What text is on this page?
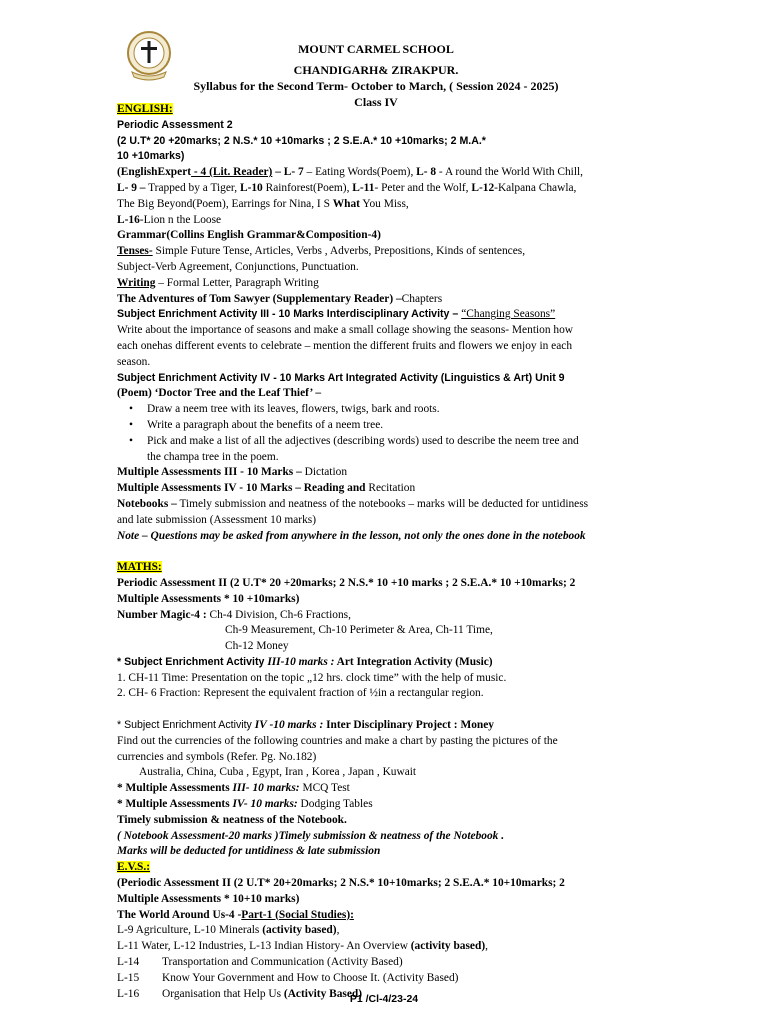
MOUNT CARMEL SCHOOL
CHANDIGARH& ZIRAKPUR.
Syllabus for the Second Term- October to March, ( Session 2024 - 2025)
Class IV
ENGLISH:
Periodic Assessment 2
(2 U.T* 20 +20marks; 2 N.S.* 10 +10marks ; 2 S.E.A.* 10 +10marks; 2 M.A.*
10 +10marks)
(EnglishExpert - 4 (Lit. Reader) – L- 7 – Eating Words(Poem), L- 8 - A round the World With Chill,
L- 9 – Trapped by a Tiger, L-10 Rainforest(Poem), L-11- Peter and the Wolf, L-12-Kalpana Chawla,
The Big Beyond(Poem), Earrings for Nina, I S What You Miss,
L-16-Lion n the Loose
Grammar(Collins English Grammar&Composition-4)
Tenses- Simple Future Tense, Articles, Verbs , Adverbs, Prepositions, Kinds of sentences,
Subject-Verb Agreement, Conjunctions, Punctuation.
Writing – Formal Letter, Paragraph Writing
The Adventures of Tom Sawyer (Supplementary Reader) –Chapters
Subject Enrichment Activity III - 10 Marks Interdisciplinary Activity – “Changing Seasons”
Write about the importance of seasons and make a small collage showing the seasons- Mention how
each onehas different events to celebrate – mention the different fruits and flowers we enjoy in each
season.
Subject Enrichment Activity IV - 10 Marks Art Integrated Activity (Linguistics & Art) Unit 9
(Poem) ‘Doctor Tree and the Leaf Thief’ –
• Draw a neem tree with its leaves, flowers, twigs, bark and roots.
• Write a paragraph about the benefits of a neem tree.
• Pick and make a list of all the adjectives (describing words) used to describe the neem tree and
the champa tree in the poem.
Multiple Assessments III - 10 Marks – Dictation
Multiple Assessments IV - 10 Marks – Reading and Recitation
Notebooks – Timely submission and neatness of the notebooks – marks will be deducted for untidiness
and late submission (Assessment 10 marks)
Note – Questions may be asked from anywhere in the lesson, not only the ones done in the notebook
MATHS:
Periodic Assessment II (2 U.T* 20 +20marks; 2 N.S.* 10 +10 marks ; 2 S.E.A.* 10 +10marks; 2
Multiple Assessments * 10 +10marks)
Number Magic-4 : Ch-4 Division, Ch-6 Fractions,
Ch-9 Measurement, Ch-10 Perimeter & Area, Ch-11 Time,
Ch-12 Money
* Subject Enrichment Activity III-10 marks : Art Integration Activity (Music)
1. CH-11 Time: Presentation on the topic „12 hrs. clock time” with the help of music.
2. CH- 6 Fraction: Represent the equivalent fraction of ½in a rectangular region.
* Subject Enrichment Activity IV -10 marks : Inter Disciplinary Project : Money
Find out the currencies of the following countries and make a chart by pasting the pictures of the
currencies and symbols (Refer. Pg. No.182)
Australia, China, Cuba , Egypt, Iran , Korea , Japan , Kuwait
* Multiple Assessments III- 10 marks: MCQ Test
* Multiple Assessments IV- 10 marks: Dodging Tables
Timely submission & neatness of the Notebook.
( Notebook Assessment-20 marks )Timely submission & neatness of the Notebook .
Marks will be deducted for untidiness & late submission
E.V.S.:
(Periodic Assessment II (2 U.T* 20+20marks; 2 N.S.* 10+10marks; 2 S.E.A.* 10+10marks; 2
Multiple Assessments * 10+10 marks)
The World Around Us-4 -Part-1 (Social Studies):
L-9 Agriculture, L-10 Minerals (activity based),
L-11 Water, L-12 Industries, L-13 Indian History- An Overview (activity based),
L-14 Transportation and Communication (Activity Based)
L-15 Know Your Government and How to Choose It. (Activity Based)
L-16 Organisation that Help Us (Activity Based)
P1 /Cl-4/23-24
